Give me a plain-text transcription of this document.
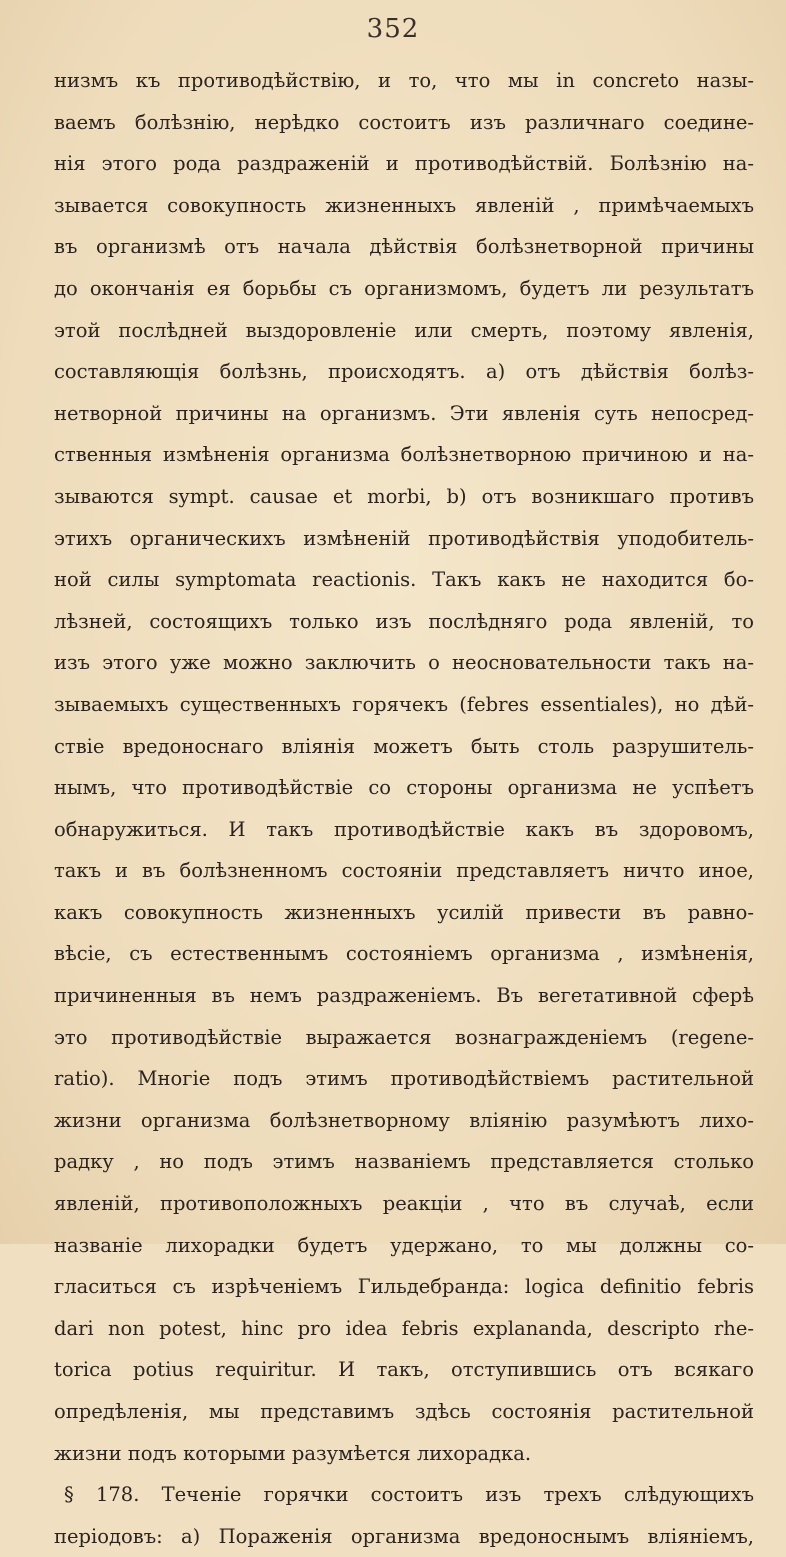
352
низмъ къ противодѣйствію, и то, что мы in concreto назы-
ваемъ болѣзнію, нерѣдко состоитъ изъ различнаго соедине-
нія этого рода раздраженій и противодѣйствій. Болѣзнію на-
зывается совокупность жизненныхъ явленій , примѣчаемыхъ
въ организмѣ отъ начала дѣйствія болѣзнетворной причины
до окончанія ея борьбы съ организмомъ, будетъ ли результатъ
этой послѣдней выздоровленіе или смерть, поэтому явленія,
составляющія болѣзнь, происходятъ. а) отъ дѣйствія болѣз-
нетворной причины на организмъ. Эти явленія суть непосред-
ственныя измѣненія организма болѣзнетворною причиною и на-
зываются sympt. causae et morbi, b) отъ возникшаго противъ
этихъ органическихъ измѣненій противодѣйствія уподобитель-
ной силы symptomata reactionis. Такъ какъ не находится бо-
лѣзней, состоящихъ только изъ послѣдняго рода явленій, то
изъ этого уже можно заключить о неосновательности такъ на-
зываемыхъ существенныхъ горячекъ (febres essentiales), но дѣй-
ствіе вредоноснаго вліянія можетъ быть столь разрушитель-
нымъ, что противодѣйствіе со стороны организма не успѣетъ
обнаружиться. И такъ противодѣйствіе какъ въ здоровомъ,
такъ и въ болѣзненномъ состояніи представляетъ ничто иное,
какъ совокупность жизненныхъ усилій привести въ равно-
вѣсіе, съ естественнымъ состояніемъ организма , измѣненія,
причиненныя въ немъ раздраженіемъ. Въ вегетативной сферѣ
это противодѣйствіе выражается вознагражденіемъ (regene-
ratio). Многіе подъ этимъ противодѣйствіемъ растительной
жизни организма болѣзнетворному вліянію разумѣютъ лихо-
радку , но подъ этимъ названіемъ представляется столько
явленій, противоположныхъ реакціи , что въ случаѣ, если
названіе лихорадки будетъ удержано, то мы должны со-
гласиться съ изрѣченіемъ Гильдебранда: logica definitio febris
dari non potest, hinc pro idea febris explananda, descripto rhe-
torica potius requiritur. И такъ, отступившись отъ всякаго
опредѣленія, мы представимъ здѣсь состоянія растительной
жизни подъ которыми разумѣется лихорадка.
§ 178. Теченіе горячки состоитъ изъ трехъ слѣдующихъ
періодовъ: а) Пораженія организма вредоноснымъ вліяніемъ,
